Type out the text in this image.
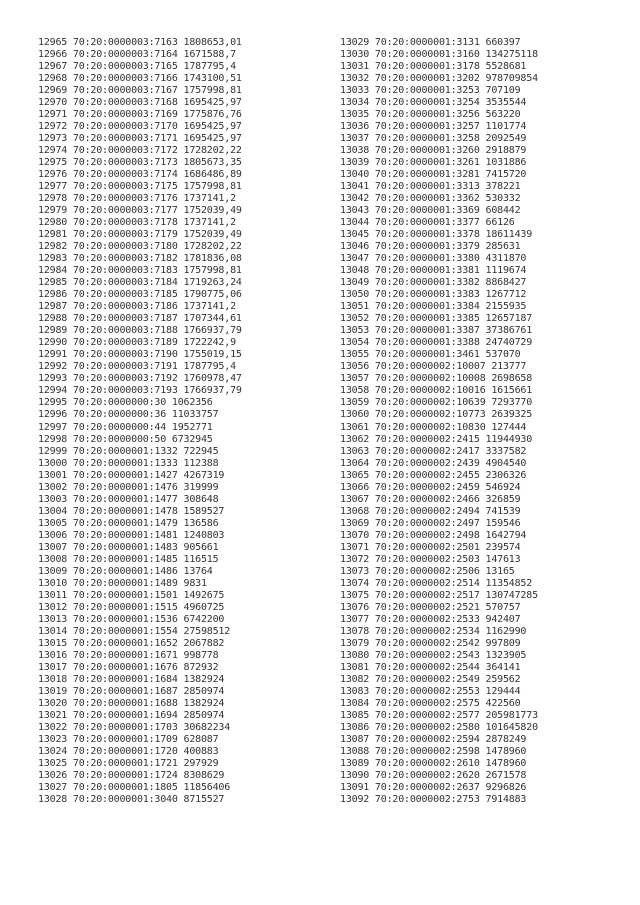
12965 70:20:0000003:7163 1808653,01
12966 70:20:0000003:7164 1671588,7
12967 70:20:0000003:7165 1787795,4
12968 70:20:0000003:7166 1743100,51
12969 70:20:0000003:7167 1757998,81
12970 70:20:0000003:7168 1695425,97
12971 70:20:0000003:7169 1775876,76
12972 70:20:0000003:7170 1695425,97
12973 70:20:0000003:7171 1695425,97
12974 70:20:0000003:7172 1728202,22
12975 70:20:0000003:7173 1805673,35
12976 70:20:0000003:7174 1686486,89
12977 70:20:0000003:7175 1757998,81
12978 70:20:0000003:7176 1737141,2
12979 70:20:0000003:7177 1752039,49
12980 70:20:0000003:7178 1737141,2
12981 70:20:0000003:7179 1752039,49
12982 70:20:0000003:7180 1728202,22
12983 70:20:0000003:7182 1781836,08
12984 70:20:0000003:7183 1757998,81
12985 70:20:0000003:7184 1719263,24
12986 70:20:0000003:7185 1790775,06
12987 70:20:0000003:7186 1737141,2
12988 70:20:0000003:7187 1707344,61
12989 70:20:0000003:7188 1766937,79
12990 70:20:0000003:7189 1722242,9
12991 70:20:0000003:7190 1755019,15
12992 70:20:0000003:7191 1787795,4
12993 70:20:0000003:7192 1760978,47
12994 70:20:0000003:7193 1766937,79
12995 70:20:0000000:30 1062356
12996 70:20:0000000:36 11033757
12997 70:20:0000000:44 1952771
12998 70:20:0000000:50 6732945
12999 70:20:0000001:1332 722945
13000 70:20:0000001:1333 112388
13001 70:20:0000001:1427 4267319
13002 70:20:0000001:1476 319999
13003 70:20:0000001:1477 308648
13004 70:20:0000001:1478 1589527
13005 70:20:0000001:1479 136586
13006 70:20:0000001:1481 1240803
13007 70:20:0000001:1483 905661
13008 70:20:0000001:1485 116515
13009 70:20:0000001:1486 13764
13010 70:20:0000001:1489 9831
13011 70:20:0000001:1501 1492675
13012 70:20:0000001:1515 4960725
13013 70:20:0000001:1536 6742200
13014 70:20:0000001:1554 27598512
13015 70:20:0000001:1652 2067882
13016 70:20:0000001:1671 998778
13017 70:20:0000001:1676 872932
13018 70:20:0000001:1684 1382924
13019 70:20:0000001:1687 2850974
13020 70:20:0000001:1688 1382924
13021 70:20:0000001:1694 2850974
13022 70:20:0000001:1703 30682234
13023 70:20:0000001:1709 628087
13024 70:20:0000001:1720 400883
13025 70:20:0000001:1721 297929
13026 70:20:0000001:1724 8308629
13027 70:20:0000001:1805 11856406
13028 70:20:0000001:3040 8715527
13029 70:20:0000001:3131 660397
13030 70:20:0000001:3160 134275118
13031 70:20:0000001:3178 5528681
13032 70:20:0000001:3202 978709854
13033 70:20:0000001:3253 707109
13034 70:20:0000001:3254 3535544
13035 70:20:0000001:3256 563220
13036 70:20:0000001:3257 1101774
13037 70:20:0000001:3258 2092549
13038 70:20:0000001:3260 2918879
13039 70:20:0000001:3261 1031886
13040 70:20:0000001:3281 7415720
13041 70:20:0000001:3313 378221
13042 70:20:0000001:3362 530332
13043 70:20:0000001:3369 608442
13044 70:20:0000001:3377 66126
13045 70:20:0000001:3378 18611439
13046 70:20:0000001:3379 285631
13047 70:20:0000001:3380 4311870
13048 70:20:0000001:3381 1119674
13049 70:20:0000001:3382 8868427
13050 70:20:0000001:3383 1267712
13051 70:20:0000001:3384 2155935
13052 70:20:0000001:3385 12657187
13053 70:20:0000001:3387 37386761
13054 70:20:0000001:3388 24740729
13055 70:20:0000001:3461 537070
13056 70:20:0000002:10007 213777
13057 70:20:0000002:10008 2698658
13058 70:20:0000002:10016 1615661
13059 70:20:0000002:10639 7293770
13060 70:20:0000002:10773 2639325
13061 70:20:0000002:10830 127444
13062 70:20:0000002:2415 11944930
13063 70:20:0000002:2417 3337582
13064 70:20:0000002:2439 4904540
13065 70:20:0000002:2455 2306326
13066 70:20:0000002:2459 546924
13067 70:20:0000002:2466 326859
13068 70:20:0000002:2494 741539
13069 70:20:0000002:2497 159546
13070 70:20:0000002:2498 1642794
13071 70:20:0000002:2501 239574
13072 70:20:0000002:2503 147613
13073 70:20:0000002:2506 13165
13074 70:20:0000002:2514 11354852
13075 70:20:0000002:2517 130747285
13076 70:20:0000002:2521 570757
13077 70:20:0000002:2533 942407
13078 70:20:0000002:2534 1162990
13079 70:20:0000002:2542 997809
13080 70:20:0000002:2543 1323905
13081 70:20:0000002:2544 364141
13082 70:20:0000002:2549 259562
13083 70:20:0000002:2553 129444
13084 70:20:0000002:2575 422560
13085 70:20:0000002:2577 205981773
13086 70:20:0000002:2580 101645820
13087 70:20:0000002:2594 2878249
13088 70:20:0000002:2598 1478960
13089 70:20:0000002:2610 1478960
13090 70:20:0000002:2620 2671578
13091 70:20:0000002:2637 9296826
13092 70:20:0000002:2753 7914883
